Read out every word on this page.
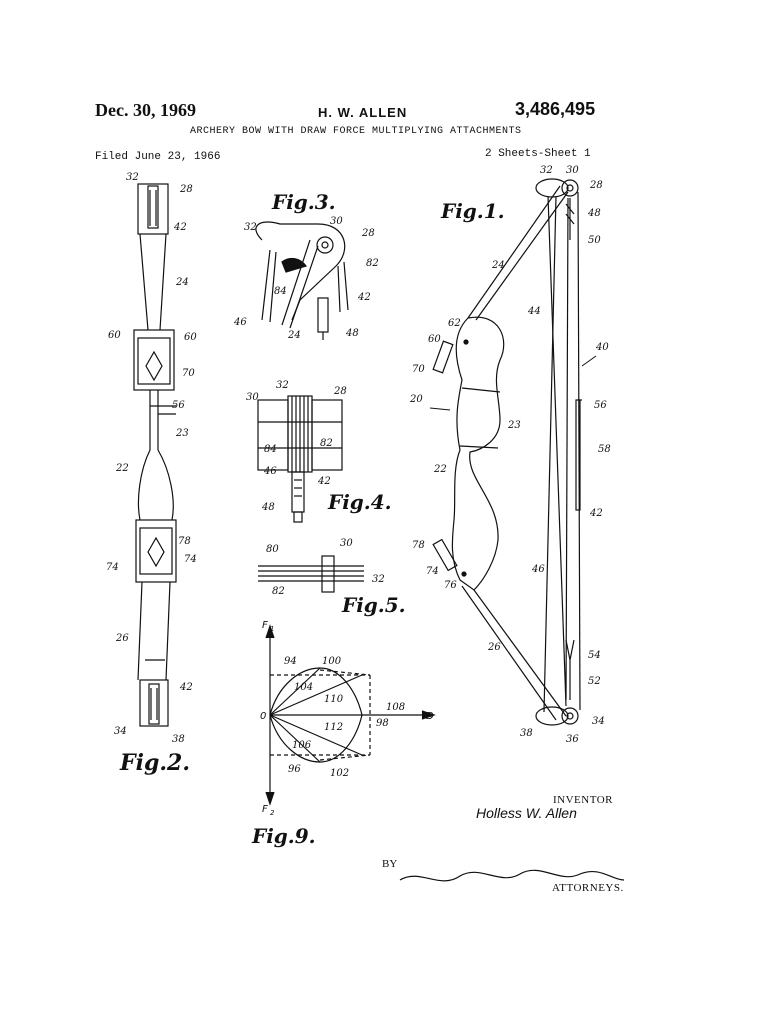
Dec. 30, 1969	H. W. ALLEN	3,486,495
ARCHERY BOW WITH DRAW FORCE MULTIPLYING ATTACHMENTS
Filed June 23, 1966	2 Sheets-Sheet 1
Fig.3.	Fig.1.
Fig.4.
Fig.5.
Fig.2.
Fig.9.
32
28
42
24
60	60
70
56
23
22
78
74
74
26
42
34
38
32
30
28
82
84
42
46
24	48
30
32
28
84
82
46
42
48
80
30
82
32
94	100
104
110
108
98
112
106
96	102
F 1
F 2
D
0
32 30
28
48
50
24
44
62
60
40
70
20
56
23
58
22
42
78
74
76
46
26
54
52
38
36
34
INVENTOR
Holless W. Allen
BY
ATTORNEYS.
